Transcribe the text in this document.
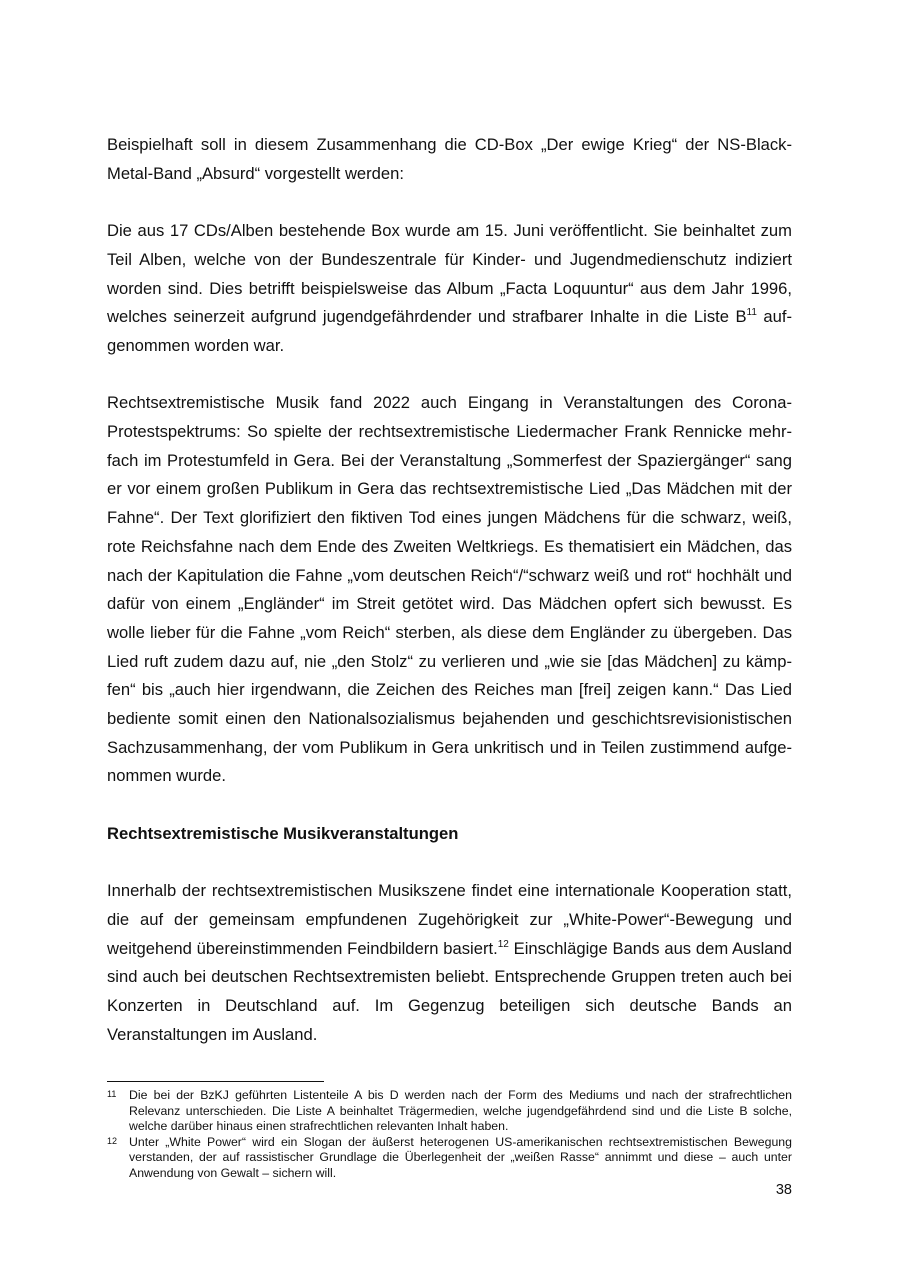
Beispielhaft soll in diesem Zusammenhang die CD-Box „Der ewige Krieg“ der NS-Black-Metal-Band „Absurd“ vorgestellt werden:

Die aus 17 CDs/Alben bestehende Box wurde am 15. Juni veröffentlicht. Sie beinhaltet zum Teil Alben, welche von der Bundeszentrale für Kinder- und Jugendmedienschutz indiziert worden sind. Dies betrifft beispielsweise das Album „Facta Loquuntur“ aus dem Jahr 1996, welches seinerzeit aufgrund jugendgefährdender und strafbarer Inhalte in die Liste B$^{11}$ aufgenommen worden war.

Rechtsextremistische Musik fand 2022 auch Eingang in Veranstaltungen des Corona-Protestspektrums: So spielte der rechtsextremistische Liedermacher Frank Rennicke mehrfach im Protestumfeld in Gera. Bei der Veranstaltung „Sommerfest der Spaziergänger“ sang er vor einem großen Publikum in Gera das rechtsextremistische Lied „Das Mädchen mit der Fahne“. Der Text glorifiziert den fiktiven Tod eines jungen Mädchens für die schwarz, weiß, rote Reichsfahne nach dem Ende des Zweiten Weltkriegs. Es thematisiert ein Mädchen, das nach der Kapitulation die Fahne „vom deutschen Reich“/“schwarz weiß und rot“ hochhält und dafür von einem „Engländer“ im Streit getötet wird. Das Mädchen opfert sich bewusst. Es wolle lieber für die Fahne „vom Reich“ sterben, als diese dem Engländer zu übergeben. Das Lied ruft zudem dazu auf, nie „den Stolz“ zu verlieren und „wie sie [das Mädchen] zu kämpfen“ bis „auch hier irgendwann, die Zeichen des Reiches man [frei] zeigen kann.“ Das Lied bediente somit einen den Nationalsozialismus bejahenden und geschichtsrevisionistischen Sachzusammenhang, der vom Publikum in Gera unkritisch und in Teilen zustimmend aufgenommen wurde.

Rechtsextremistische Musikveranstaltungen

Innerhalb der rechtsextremistischen Musikszene findet eine internationale Kooperation statt, die auf der gemeinsam empfundenen Zugehörigkeit zur „White-Power“-Bewegung und weitgehend übereinstimmenden Feindbildern basiert.$^{12}$ Einschlägige Bands aus dem Ausland sind auch bei deutschen Rechtsextremisten beliebt. Entsprechende Gruppen treten auch bei Konzerten in Deutschland auf. Im Gegenzug beteiligen sich deutsche Bands an Veranstaltungen im Ausland.

11	Die bei der BzKJ geführten Listenteile A bis D werden nach der Form des Mediums und nach der strafrechtlichen Relevanz unterschieden. Die Liste A beinhaltet Trägermedien, welche jugendgefährdend sind und die Liste B solche, welche darüber hinaus einen strafrechtlichen relevanten Inhalt haben.
12 Unter „White Power“ wird ein Slogan der äußerst heterogenen US-amerikanischen rechtsextremistischen Bewegung verstanden, der auf rassistischer Grundlage die Überlegenheit der „weißen Rasse“ annimmt und diese – auch unter Anwendung von Gewalt – sichern will.
38
